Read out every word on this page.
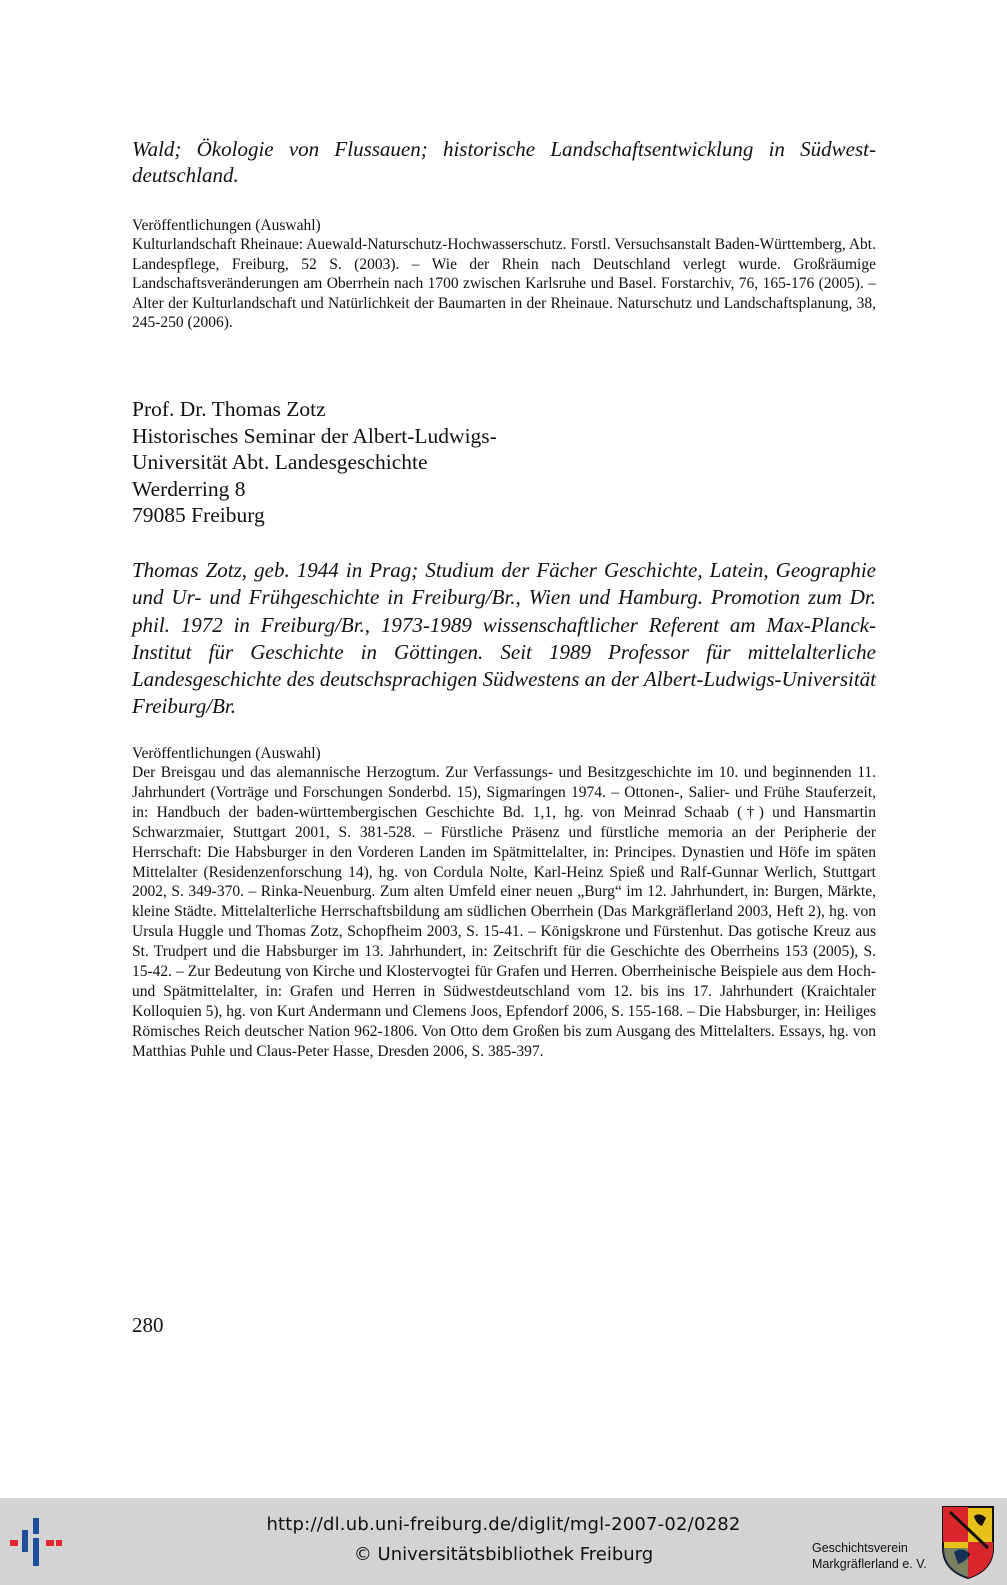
Wald; Ökologie von Flussauen; historische Landschaftsentwicklung in Südwest-deutschland.
Veröffentlichungen (Auswahl)
Kulturlandschaft Rheinaue: Auewald-Naturschutz-Hochwasserschutz. Forstl. Versuchsanstalt Baden-Württemberg, Abt. Landespflege, Freiburg, 52 S. (2003). – Wie der Rhein nach Deutschland verlegt wurde. Großräumige Landschaftsveränderungen am Oberrhein nach 1700 zwischen Karlsruhe und Basel. Forstarchiv, 76, 165-176 (2005). – Alter der Kulturlandschaft und Natürlichkeit der Baumarten in der Rheinaue. Naturschutz und Landschaftsplanung, 38, 245-250 (2006).
Prof. Dr. Thomas Zotz
Historisches Seminar der Albert-Ludwigs-
Universität Abt. Landesgeschichte
Werderring 8
79085 Freiburg
Thomas Zotz, geb. 1944 in Prag; Studium der Fächer Geschichte, Latein, Geographie und Ur- und Frühgeschichte in Freiburg/Br., Wien und Hamburg. Promotion zum Dr. phil. 1972 in Freiburg/Br., 1973-1989 wissenschaftlicher Referent am Max-Planck-Institut für Geschichte in Göttingen. Seit 1989 Professor für mittelalterliche Landesgeschichte des deutschsprachigen Südwestens an der Albert-Ludwigs-Universität Freiburg/Br.
Veröffentlichungen (Auswahl)
Der Breisgau und das alemannische Herzogtum. Zur Verfassungs- und Besitzgeschichte im 10. und beginnenden 11. Jahrhundert (Vorträge und Forschungen Sonderbd. 15), Sigmaringen 1974. – Ottonen-, Salier- und Frühe Stauferzeit, in: Handbuch der baden-württembergischen Geschichte Bd. 1,1, hg. von Meinrad Schaab (†) und Hansmartin Schwarzmaier, Stuttgart 2001, S. 381-528. – Fürstliche Präsenz und fürstliche memoria an der Peripherie der Herrschaft: Die Habsburger in den Vorderen Landen im Spätmittelalter, in: Principes. Dynastien und Höfe im späten Mittelalter (Residenzenforschung 14), hg. von Cordula Nolte, Karl-Heinz Spieß und Ralf-Gunnar Werlich, Stuttgart 2002, S. 349-370. – Rinka-Neuenburg. Zum alten Umfeld einer neuen „Burg“ im 12. Jahrhundert, in: Burgen, Märkte, kleine Städte. Mittelalterliche Herrschaftsbildung am südlichen Oberrhein (Das Markgräflerland 2003, Heft 2), hg. von Ursula Huggle und Thomas Zotz, Schopfheim 2003, S. 15-41. – Königskrone und Fürstenhut. Das gotische Kreuz aus St. Trudpert und die Habsburger im 13. Jahrhundert, in: Zeitschrift für die Geschichte des Oberrheins 153 (2005), S. 15-42. – Zur Bedeutung von Kirche und Klostervogtei für Grafen und Herren. Oberrheinische Beispiele aus dem Hoch- und Spätmittelalter, in: Grafen und Herren in Südwestdeutschland vom 12. bis ins 17. Jahrhundert (Kraichtaler Kolloquien 5), hg. von Kurt Andermann und Clemens Joos, Epfendorf 2006, S. 155-168. – Die Habsburger, in: Heiliges Römisches Reich deutscher Nation 962-1806. Von Otto dem Großen bis zum Ausgang des Mittelalters. Essays, hg. von Matthias Puhle und Claus-Peter Hasse, Dresden 2006, S. 385-397.
280
http://dl.ub.uni-freiburg.de/diglit/mgl-2007-02/0282
© Universitätsbibliothek Freiburg	Geschichtsverein
Markgräflerland e. V.
